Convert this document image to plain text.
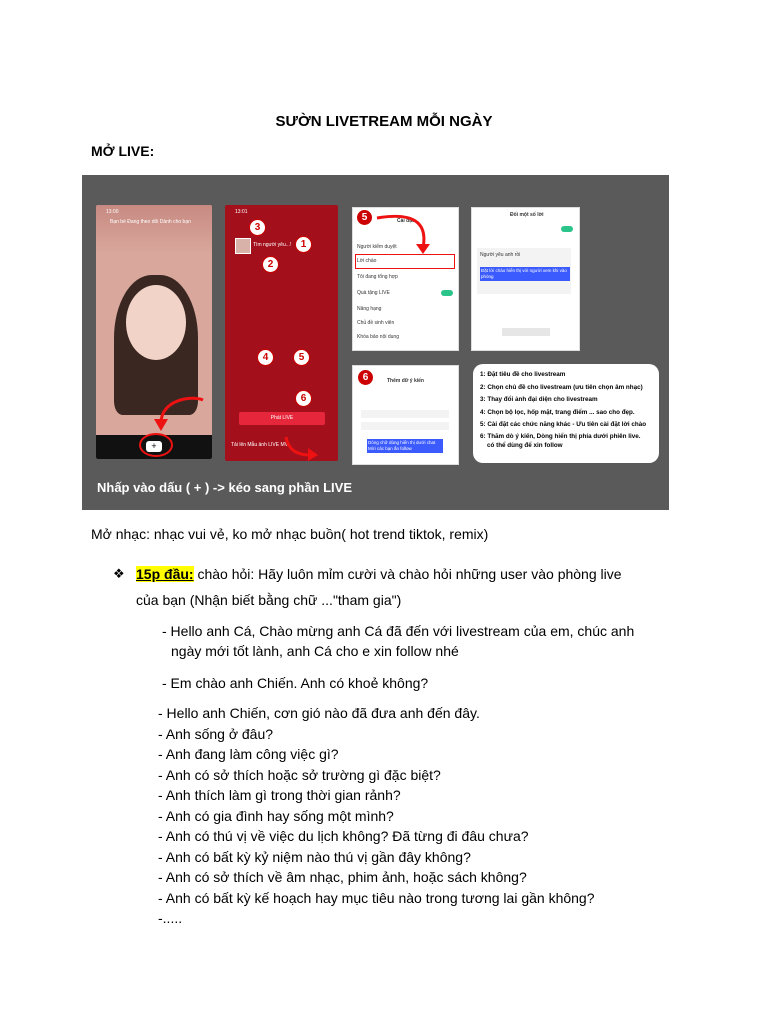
SƯỜN LIVETREAM MỖI NGÀY
MỞ LIVE:
13:00
Bạn bè Đang theo dõi Dành cho bạn
+
13:01
Tìm người yêu...!
3
1
2
4	5
6
Phát LIVE
Tải lên Mẫu ảnh LIVE MV
Cài đặt
Người kiểm duyệt
Lời chào
Tôi đang tổng hợp
Quà tặng LIVE
Nâng hạng
Chủ đề sinh viên
Khóa bảo nội dung
5	Đối một số lời
Người yêu anh rồi
Đặt lời chào hiển thị với người xem khi vào phòng
Thêm dữ ý kiến
6
Dòng chữ dùng hiển thị dưới chat Mời các bạn ấn follow
1: Đặt tiêu đề cho livestream
2: Chọn chủ đề cho livestream (ưu tiên chọn âm nhạc)
3: Thay đổi ảnh đại diện cho livestream
4: Chọn bộ lọc, hốp mặt, trang điểm ... sao cho đẹp.
5: Cài đặt các chức năng khác - Ưu tiên cài đặt lời chào
6: Thăm dò ý kiến, Dòng hiển thị phía dưới phiên live.
có thể dùng để xin follow
Nhấp vào dấu ( + ) -> kéo sang phần LIVE
Mở nhạc: nhạc vui vẻ, ko mở nhạc buồn( hot trend tiktok, remix)
❖ 15p đầu: chào hỏi: Hãy luôn mỉm cười và chào hỏi những user vào phòng live
của bạn (Nhận biết bằng chữ ..."tham gia")
- Hello anh Cá, Chào mừng anh Cá đã đến với livestream của em, chúc anh
ngày mới tốt lành, anh Cá cho e xin follow nhé
- Em chào anh Chiến. Anh có khoẻ không?
- Hello anh Chiến, cơn gió nào đã đưa anh đến đây.
- Anh sống ở đâu?
- Anh đang làm công việc gì?
- Anh có sở thích hoặc sở trường gì đặc biệt?
- Anh thích làm gì trong thời gian rảnh?
- Anh có gia đình hay sống một mình?
- Anh có thú vị về việc du lịch không? Đã từng đi đâu chưa?
- Anh có bất kỳ kỷ niệm nào thú vị gần đây không?
- Anh có sở thích về âm nhạc, phim ảnh, hoặc sách không?
- Anh có bất kỳ kế hoạch hay mục tiêu nào trong tương lai gần không?
-.....
